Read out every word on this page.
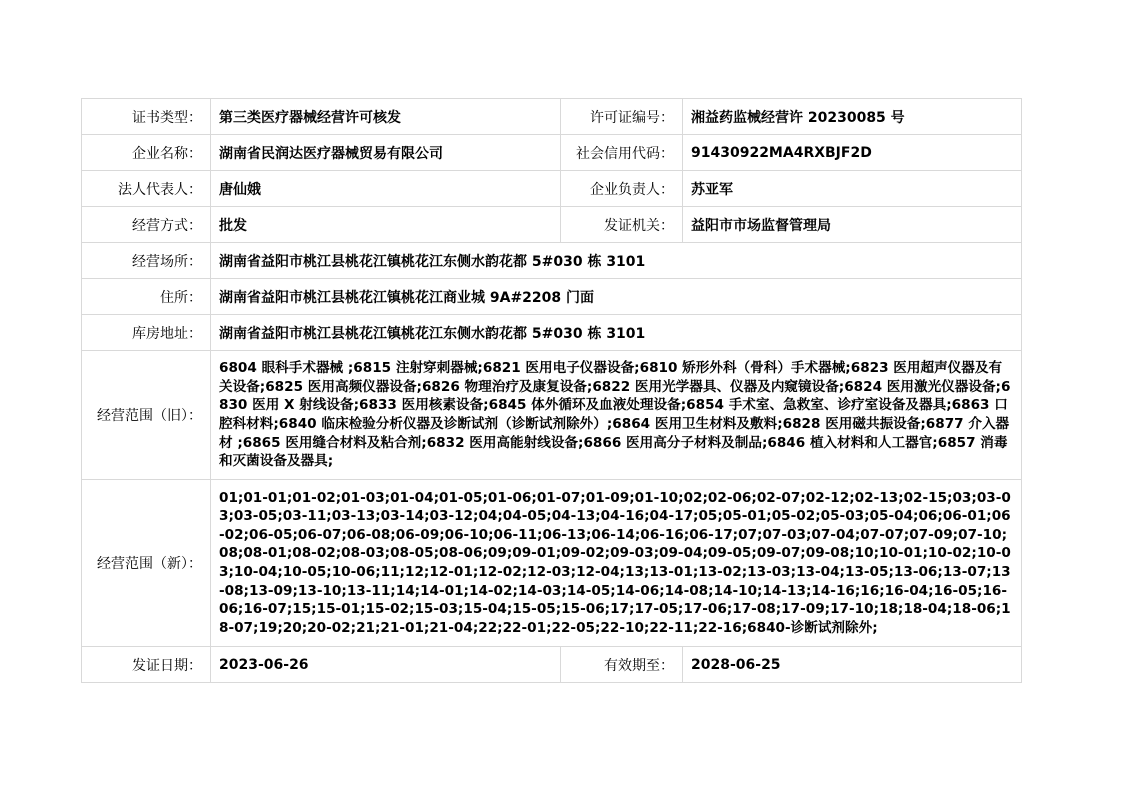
证书类型：	第三类医疗器械经营许可核发	许可证编号：	湘益药监械经营许 20230085 号
企业名称：	湖南省民润达医疗器械贸易有限公司	社会信用代码：	91430922MA4RXBJF2D
法人代表人：	唐仙娥	企业负责人：	苏亚军
经营方式：	批发	发证机关：	益阳市市场监督管理局
经营场所：	湖南省益阳市桃江县桃花江镇桃花江东侧水韵花都 5#030 栋 3101		
住所：	湖南省益阳市桃江县桃花江镇桃花江商业城 9A#2208 门面		
库房地址：	湖南省益阳市桃江县桃花江镇桃花江东侧水韵花都 5#030 栋 3101		
经营范围（旧）：	6804 眼科手术器械 ;6815 注射穿刺器械;6821 医用电子仪器设备;6810 矫形外科（骨科）手术器械;6823 医用超声仪器及有关设备;6825 医用高频仪器设备;6826 物理治疗及康复设备;6822 医用光学器具、仪器及内窥镜设备;6824 医用激光仪器设备;6830 医用 X 射线设备;6833 医用核素设备;6845 体外循环及血液处理设备;6854 手术室、急救室、诊疗室设备及器具;6863 口腔科材料;6840 临床检验分析仪器及诊断试剂（诊断试剂除外）;6864 医用卫生材料及敷料;6828 医用磁共振设备;6877 介入器材 ;6865 医用缝合材料及粘合剂;6832 医用高能射线设备;6866 医用高分子材料及制品;6846 植入材料和人工器官;6857 消毒和灭菌设备及器具;		
经营范围（新）：	01;01-01;01-02;01-03;01-04;01-05;01-06;01-07;01-09;01-10;02;02-06;02-07;02-12;02-13;02-15;03;03-03;03-05;03-11;03-13;03-14;03-12;04;04-05;04-13;04-16;04-17;05;05-01;05-02;05-03;05-04;06;06-01;06-02;06-05;06-07;06-08;06-09;06-10;06-11;06-13;06-14;06-16;06-17;07;07-03;07-04;07-07;07-09;07-10;08;08-01;08-02;08-03;08-05;08-06;09;09-01;09-02;09-03;09-04;09-05;09-07;09-08;10;10-01;10-02;10-03;10-04;10-05;10-06;11;12;12-01;12-02;12-03;12-04;13;13-01;13-02;13-03;13-04;13-05;13-06;13-07;13-08;13-09;13-10;13-11;14;14-01;14-02;14-03;14-05;14-06;14-08;14-10;14-13;14-16;16;16-04;16-05;16-06;16-07;15;15-01;15-02;15-03;15-04;15-05;15-06;17;17-05;17-06;17-08;17-09;17-10;18;18-04;18-06;18-07;19;20;20-02;21;21-01;21-04;22;22-01;22-05;22-10;22-11;22-16;6840-诊断试剂除外;		
发证日期：	2023-06-26	有效期至：	2028-06-25
